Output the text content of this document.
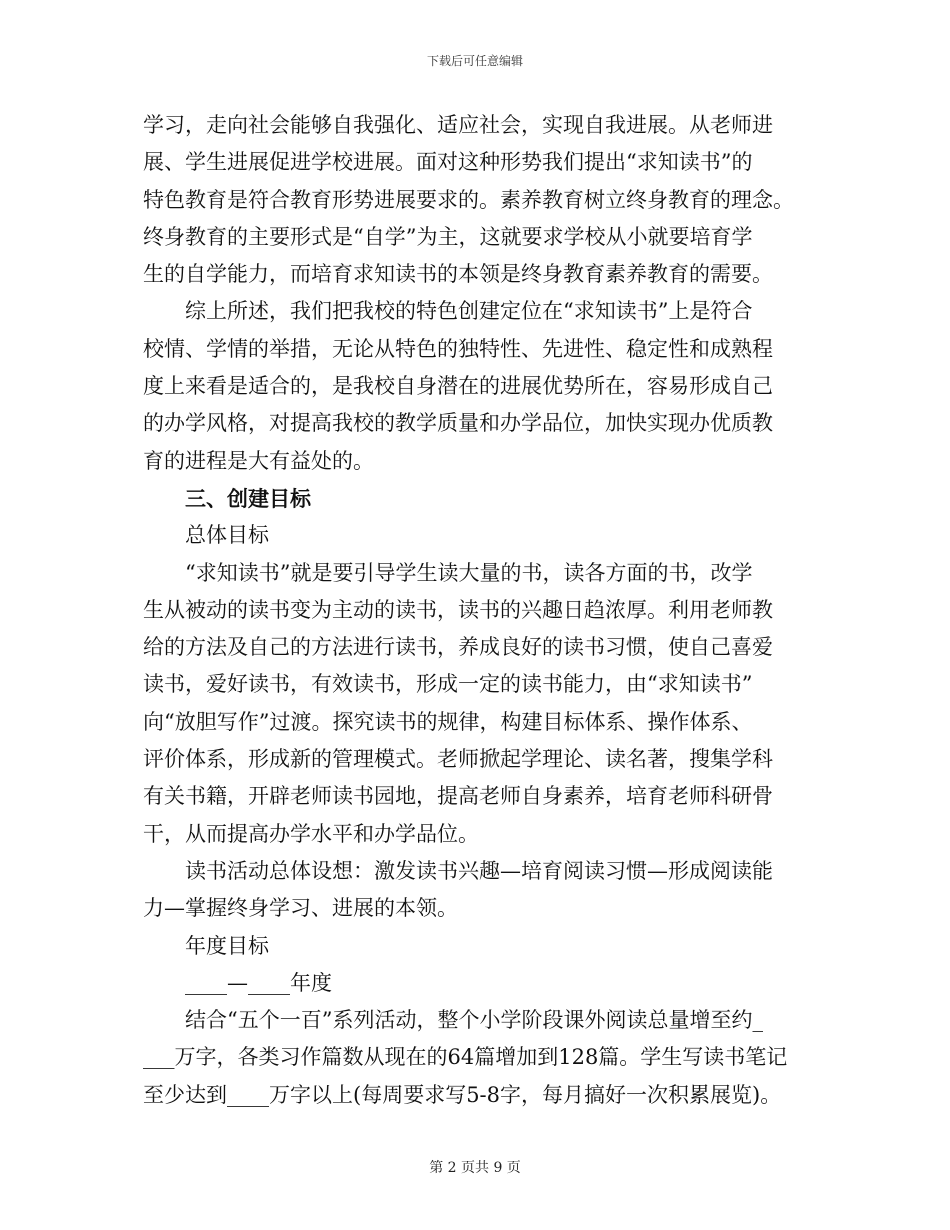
下载后可任意编辑
学习，走向社会能够自我强化、适应社会，实现自我进展。从老师进
展、学生进展促进学校进展。面对这种形势我们提出“求知读书”的
特色教育是符合教育形势进展要求的。素养教育树立终身教育的理念。
终身教育的主要形式是“自学”为主，这就要求学校从小就要培育学
生的自学能力，而培育求知读书的本领是终身教育素养教育的需要。
综上所述，我们把我校的特色创建定位在“求知读书”上是符合
校情、学情的举措，无论从特色的独特性、先进性、稳定性和成熟程
度上来看是适合的，是我校自身潜在的进展优势所在，容易形成自己
的办学风格，对提高我校的教学质量和办学品位，加快实现办优质教
育的进程是大有益处的。
三、创建目标
总体目标
“求知读书”就是要引导学生读大量的书，读各方面的书，改学
生从被动的读书变为主动的读书，读书的兴趣日趋浓厚。利用老师教
给的方法及自己的方法进行读书，养成良好的读书习惯，使自己喜爱
读书，爱好读书，有效读书，形成一定的读书能力，由“求知读书”
向“放胆写作”过渡。探究读书的规律，构建目标体系、操作体系、
评价体系，形成新的管理模式。老师掀起学理论、读名著，搜集学科
有关书籍，开辟老师读书园地，提高老师自身素养，培育老师科研骨
干，从而提高办学水平和办学品位。
读书活动总体设想：激发读书兴趣—培育阅读习惯—形成阅读能
力—掌握终身学习、进展的本领。
年度目标
____—____年度
结合“五个一百”系列活动，整个小学阶段课外阅读总量增至约_
___万字，各类习作篇数从现在的64篇增加到128篇。学生写读书笔记
至少达到____万字以上(每周要求写5-8字，每月搞好一次积累展览)。
第 2 页共 9 页
